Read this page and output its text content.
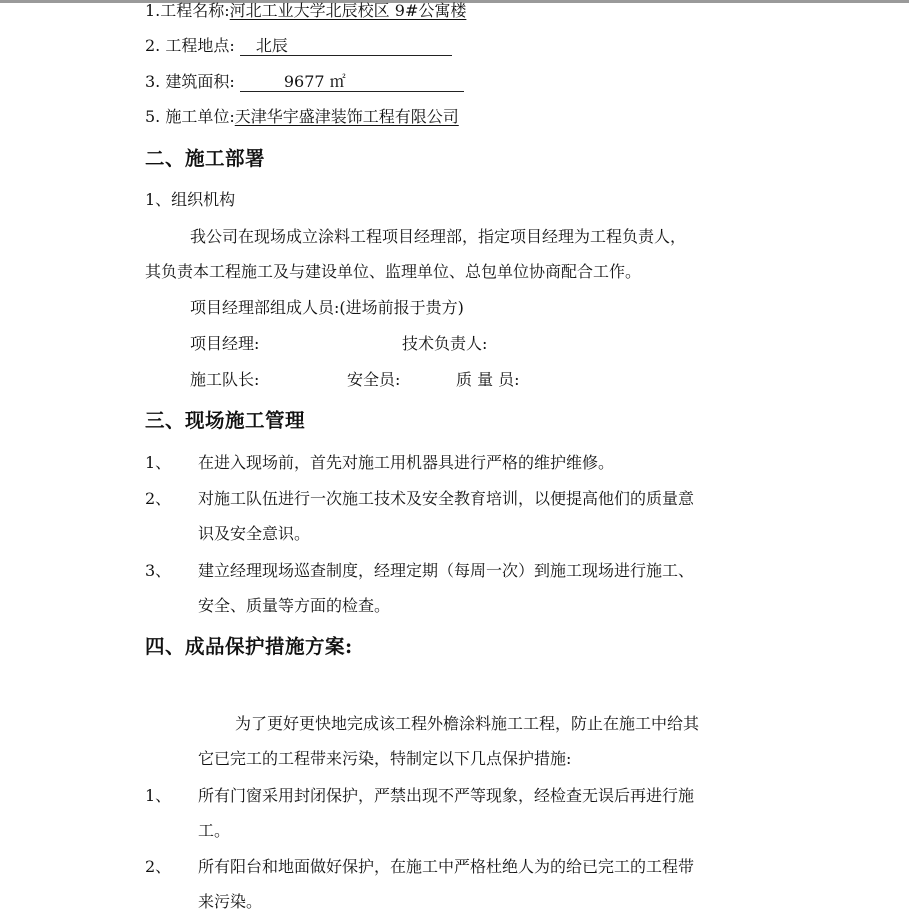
1.工程名称:河北工业大学北辰校区 9#公寓楼
2. 工程地点: 北辰
3. 建筑面积:	9677 ㎡
5. 施工单位:天津华宇盛津装饰工程有限公司
二、施工部署
1、组织机构
我公司在现场成立涂料工程项目经理部，指定项目经理为工程负责人，
其负责本工程施工及与建设单位、监理单位、总包单位协商配合工作。
项目经理部组成人员:(进场前报于贵方)
项目经理:	技术负责人:
施工队长:	安全员:	质 量 员:
三、现场施工管理
1、 在进入现场前，首先对施工用机器具进行严格的维护维修。
2、 对施工队伍进行一次施工技术及安全教育培训，以便提高他们的质量意
识及安全意识。
3、 建立经理现场巡查制度，经理定期（每周一次）到施工现场进行施工、
安全、质量等方面的检查。
四、成品保护措施方案:
为了更好更快地完成该工程外檐涂料施工工程，防止在施工中给其
它已完工的工程带来污染，特制定以下几点保护措施:
1、 所有门窗采用封闭保护，严禁出现不严等现象，经检查无误后再进行施
工。
2、 所有阳台和地面做好保护，在施工中严格杜绝人为的给已完工的工程带
来污染。
